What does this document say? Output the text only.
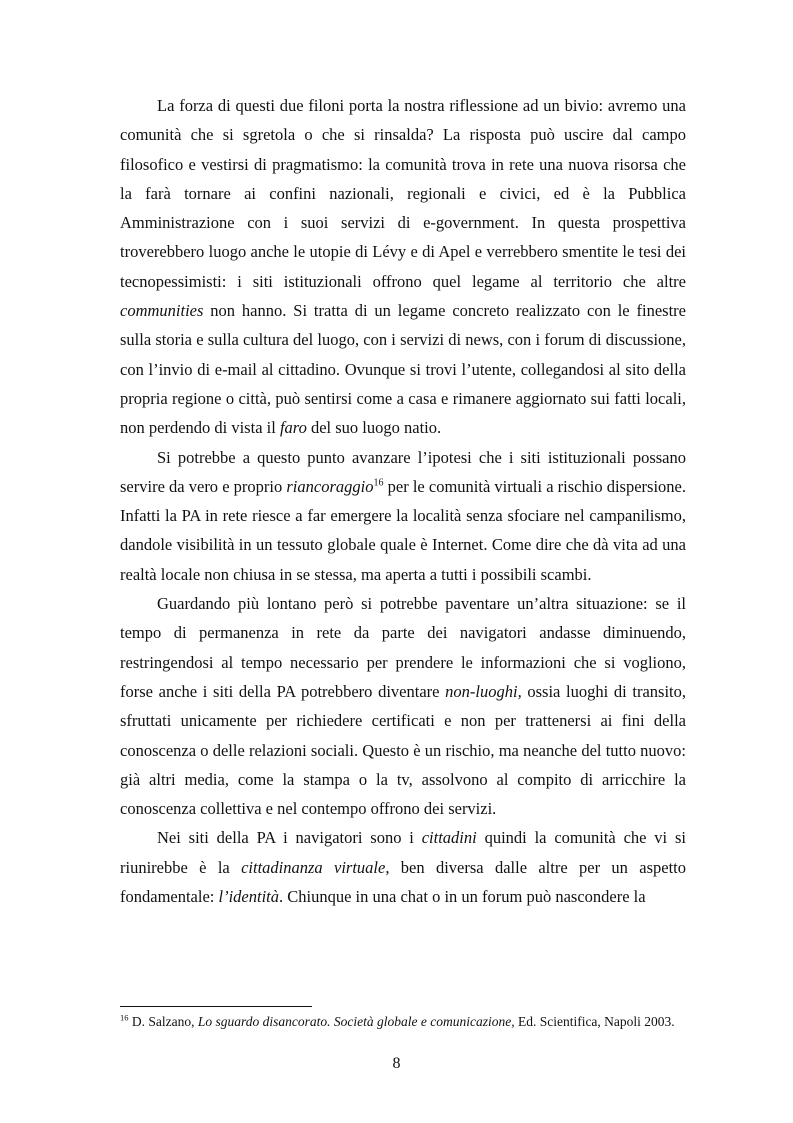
La forza di questi due filoni porta la nostra riflessione ad un bivio: avremo una comunità che si sgretola o che si rinsalda? La risposta può uscire dal campo filosofico e vestirsi di pragmatismo: la comunità trova in rete una nuova risorsa che la farà tornare ai confini nazionali, regionali e civici, ed è la Pubblica Amministrazione con i suoi servizi di e-government. In questa prospettiva troverebbero luogo anche le utopie di Lévy e di Apel e verrebbero smentite le tesi dei tecnopessimisti: i siti istituzionali offrono quel legame al territorio che altre communities non hanno. Si tratta di un legame concreto realizzato con le finestre sulla storia e sulla cultura del luogo, con i servizi di news, con i forum di discussione, con l’invio di e-mail al cittadino. Ovunque si trovi l’utente, collegandosi al sito della propria regione o città, può sentirsi come a casa e rimanere aggiornato sui fatti locali, non perdendo di vista il faro del suo luogo natio.

Si potrebbe a questo punto avanzare l’ipotesi che i siti istituzionali possano servire da vero e proprio riancoraggio$^{16}$ per le comunità virtuali a rischio dispersione. Infatti la PA in rete riesce a far emergere la località senza sfociare nel campanilismo, dandole visibilità in un tessuto globale quale è Internet. Come dire che dà vita ad una realtà locale non chiusa in se stessa, ma aperta a tutti i possibili scambi.

Guardando più lontano però si potrebbe paventare un’altra situazione: se il tempo di permanenza in rete da parte dei navigatori andasse diminuendo, restringendosi al tempo necessario per prendere le informazioni che si vogliono, forse anche i siti della PA potrebbero diventare non-luoghi, ossia luoghi di transito, sfruttati unicamente per richiedere certificati e non per trattenersi ai fini della conoscenza o delle relazioni sociali. Questo è un rischio, ma neanche del tutto nuovo: già altri media, come la stampa o la tv, assolvono al compito di arricchire la conoscenza collettiva e nel contempo offrono dei servizi.

Nei siti della PA i navigatori sono i cittadini quindi la comunità che vi si riunirebbe è la cittadinanza virtuale, ben diversa dalle altre per un aspetto fondamentale: l’identità. Chiunque in una chat o in un forum può nascondere la

$^{16}$ D. Salzano, Lo sguardo disancorato. Società globale e comunicazione, Ed. Scientifica, Napoli 2003.
8
